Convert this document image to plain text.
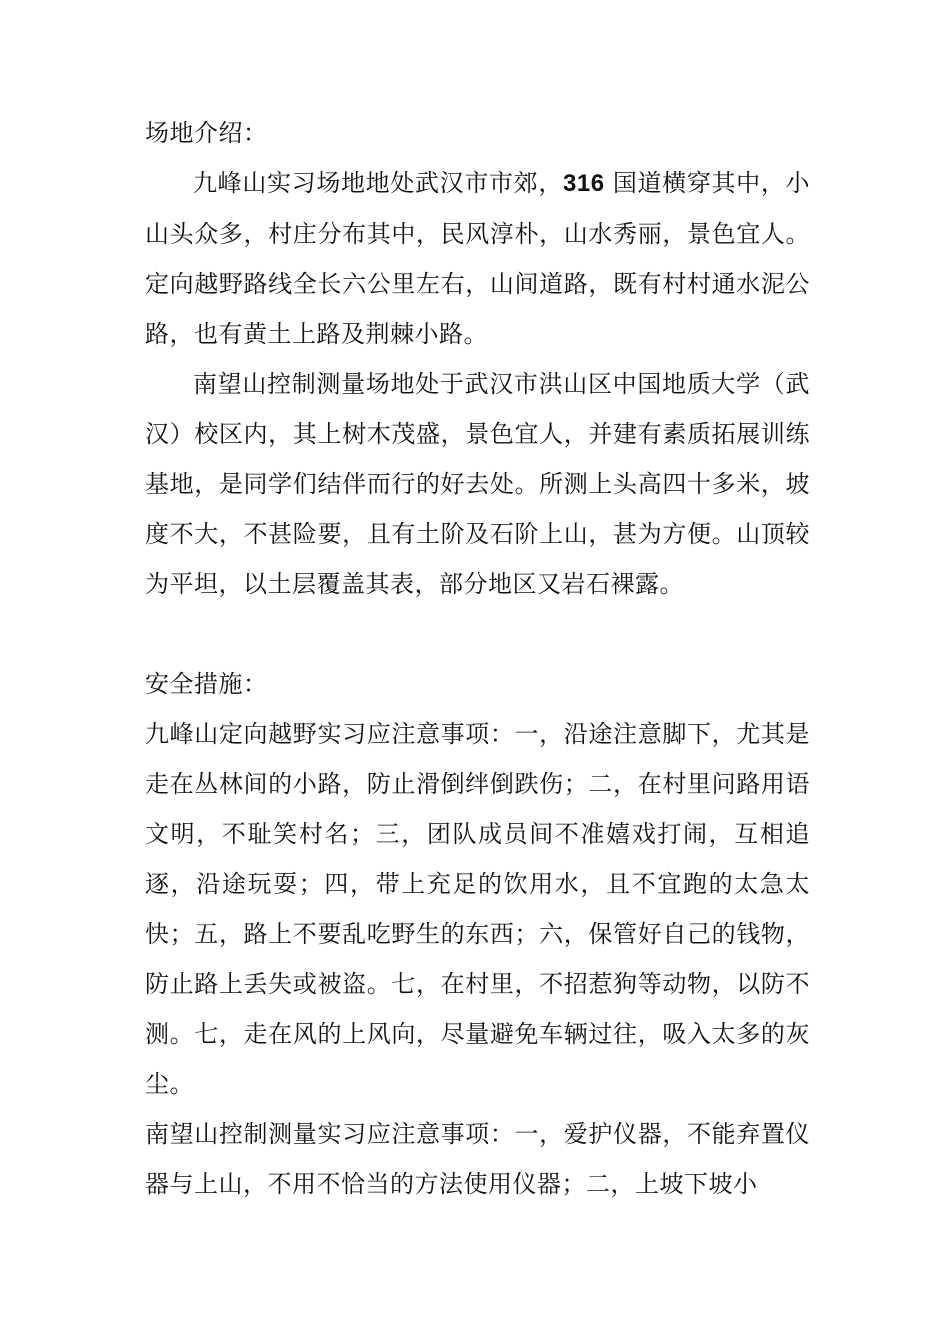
场地介绍：

九峰山实习场地地处武汉市市郊，316 国道横穿其中，小山头众多，村庄分布其中，民风淳朴，山水秀丽，景色宜人。定向越野路线全长六公里左右，山间道路，既有村村通水泥公路，也有黄土上路及荆棘小路。

南望山控制测量场地处于武汉市洪山区中国地质大学（武汉）校区内，其上树木茂盛，景色宜人，并建有素质拓展训练基地，是同学们结伴而行的好去处。所测上头高四十多米，坡度不大，不甚险要，且有土阶及石阶上山，甚为方便。山顶较为平坦，以土层覆盖其表，部分地区又岩石裸露。

安全措施：

九峰山定向越野实习应注意事项：一，沿途注意脚下，尤其是走在丛林间的小路，防止滑倒绊倒跌伤；二，在村里问路用语文明，不耻笑村名；三，团队成员间不准嬉戏打闹，互相追逐，沿途玩耍；四，带上充足的饮用水，且不宜跑的太急太快；五，路上不要乱吃野生的东西；六，保管好自己的钱物，防止路上丢失或被盗。七，在村里，不招惹狗等动物，以防不测。七，走在风的上风向，尽量避免车辆过往，吸入太多的灰尘。

南望山控制测量实习应注意事项：一，爱护仪器，不能弃置仪器与上山，不用不恰当的方法使用仪器；二，上坡下坡小
